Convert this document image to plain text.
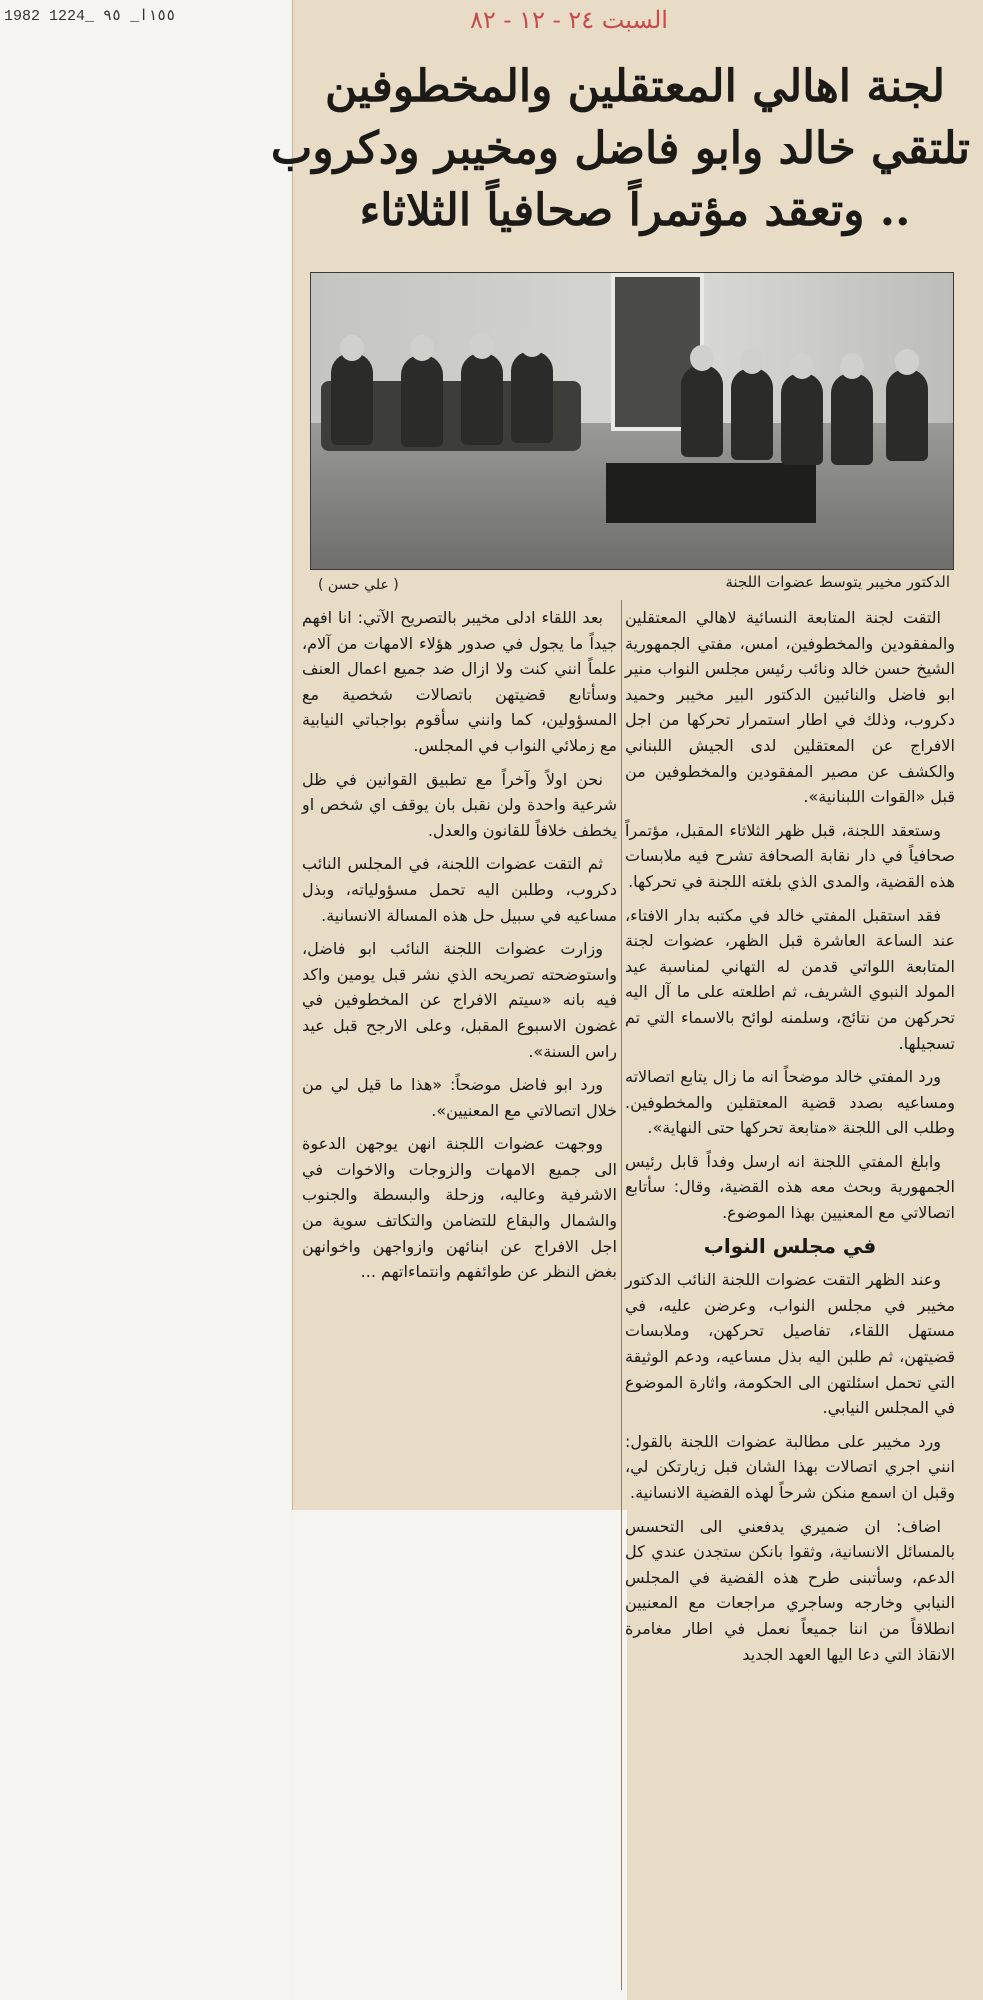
1982 1224_ ١٥٥ا_ ٩٥	السبت ٢٤ - ١٢ - ٨٢
لجنة اهالي المعتقلين والمخطوفين
تلتقي خالد وابو فاضل ومخيبر ودكروب
.. وتعقد مؤتمراً صحافياً الثلاثاء
( علي حسن )	الدكتور مخيبر يتوسط عضوات اللجنة

التقت لجنة المتابعة النسائية لاهالي المعتقلين والمفقودين والمخطوفين، امس، مفتي الجمهورية الشيخ حسن خالد ونائب رئيس مجلس النواب منير ابو فاضل والنائبين الدكتور البير مخيبر وحميد دكروب، وذلك في اطار استمرار تحركها من اجل الافراج عن المعتقلين لدى الجيش اللبناني والكشف عن مصير المفقودين والمخطوفين من قبل «القوات اللبنانية».

وستعقد اللجنة، قبل ظهر الثلاثاء المقبل، مؤتمراً صحافياً في دار نقابة الصحافة تشرح فيه ملابسات هذه القضية، والمدى الذي بلغته اللجنة في تحركها.

فقد استقبل المفتي خالد في مكتبه بدار الافتاء، عند الساعة العاشرة قبل الظهر، عضوات لجنة المتابعة اللواتي قدمن له التهاني لمناسبة عيد المولد النبوي الشريف، ثم اطلعته على ما آل اليه تحركهن من نتائج، وسلمنه لوائح بالاسماء التي تم تسجيلها.

ورد المفتي خالد موضحاً انه ما زال يتابع اتصالاته ومساعيه بصدد قضية المعتقلين والمخطوفين. وطلب الى اللجنة «متابعة تحركها حتى النهاية».

وابلغ المفتي اللجنة انه ارسل وفداً قابل رئيس الجمهورية وبحث معه هذه القضية، وقال: سأتابع اتصالاتي مع المعنيين بهذا الموضوع.

في مجلس النواب

وعند الظهر التقت عضوات اللجنة النائب الدكتور مخيبر في مجلس النواب، وعرضن عليه، في مستهل اللقاء، تفاصيل تحركهن، وملابسات قضيتهن، ثم طلبن اليه بذل مساعيه، ودعم الوثيقة التي تحمل اسئلتهن الى الحكومة، واثارة الموضوع في المجلس النيابي.

ورد مخيبر على مطالبة عضوات اللجنة بالقول: انني اجري اتصالات بهذا الشان قبل زيارتكن لي، وقبل ان اسمع منكن شرحاً لهذه القضية الانسانية.

اضاف: ان ضميري يدفعني الى التحسس بالمسائل الانسانية، وثقوا بانكن ستجدن عندي كل الدعم، وسأتبنى طرح هذه القضية في المجلس النيابي وخارجه وساجري مراجعات مع المعنيين انطلاقاً من اننا جميعاً نعمل في اطار مغامرة الانقاذ التي دعا اليها العهد الجديد

بعد اللقاء ادلى مخيبر بالتصريح الآتي: انا افهم جيداً ما يجول في صدور هؤلاء الامهات من آلام، علماً انني كنت ولا ازال ضد جميع اعمال العنف وسأتابع قضيتهن باتصالات شخصية مع المسؤولين، كما وانني سأقوم بواجباتي النيابية مع زملائي النواب في المجلس.

نحن اولاً وآخراً مع تطبيق القوانين في ظل شرعية واحدة ولن نقبل بان يوقف اي شخص او يخطف خلافاً للقانون والعدل.

ثم التقت عضوات اللجنة، في المجلس النائب دكروب، وطلبن اليه تحمل مسؤولياته، وبذل مساعيه في سبيل حل هذه المسالة الانسانية.

وزارت عضوات اللجنة النائب ابو فاضل، واستوضحته تصريحه الذي نشر قبل يومين واكد فيه بانه «سيتم الافراج عن المخطوفين في غضون الاسبوع المقبل، وعلى الارجح قبل عيد راس السنة».

ورد ابو فاضل موضحاً: «هذا ما قيل لي من خلال اتصالاتي مع المعنيين».

ووجهت عضوات اللجنة انهن يوجهن الدعوة الى جميع الامهات والزوجات والاخوات في الاشرفية وعاليه، وزحلة والبسطة والجنوب والشمال والبقاع للتضامن والتكاتف سوية من اجل الافراج عن ابنائهن وازواجهن واخوانهن بغض النظر عن طوائفهم وانتماءاتهم ...
